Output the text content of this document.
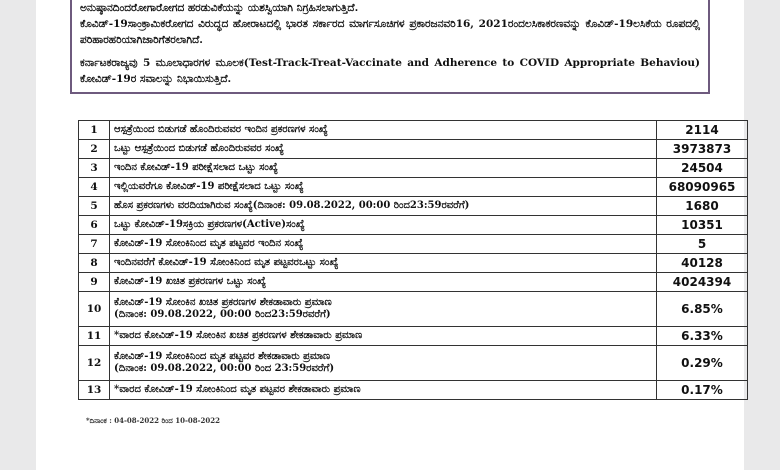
ಅನುಷ್ಠಾನದಿಂದರೋಗಾರೋಗದ ಹರಡುವಿಕೆಯನ್ನು ಯಶಸ್ವಿಯಾಗಿ ನಿಗ್ರಹಿಸಲಾಗುತ್ತಿದೆ.

ಕೊವಿಡ್-19ಸಾಂಕ್ರಾಮಿಕರೋಗದ ವಿರುದ್ಧದ ಹೋರಾಟದಲ್ಲಿ ಭಾರತ ಸರ್ಕಾರದ ಮಾರ್ಗಸೂಚಿಗಳ ಪ್ರಕಾರಜನವರಿ16, 2021ರಂದಲಸಿಕಾಕರಣವನ್ನು ಕೊವಿಡ್-19ಲಸಿಕೆಯ ರೂಪದಲ್ಲಿ ಪರಿಹಾರಹರಿಯಾಗಿಜಾರಿಗೆತರಲಾಗಿದೆ.

ಕರ್ನಾಟಕರಾಜ್ಯವು 5 ಮೂಲಾಧಾರಗಳ ಮೂಲಕ(Test-Track-Treat-Vaccinate and Adherence to COVID Appropriate Behaviou) ಕೋವಿಡ್-19ರ ಸವಾಲನ್ನು ನಿಭಾಯಿಸುತ್ತಿದೆ.

1	ಆಸ್ಪತ್ರೆಯಿಂದ ಬಿಡುಗಡೆ ಹೊಂದಿರುವವರ ಇಂದಿನ ಪ್ರಕರಣಗಳ ಸಂಖ್ಯೆ	2114
2	ಒಟ್ಟು ಆಸ್ಪತ್ರೆಯಿಂದ ಬಿಡುಗಡೆ ಹೊಂದಿರುವವರ ಸಂಖ್ಯೆ	3973873
3	ಇಂದಿನ ಕೋವಿಡ್-19 ಪರೀಕ್ಷೆಸಲಾದ ಒಟ್ಟು ಸಂಖ್ಯೆ	24504
4	ಇಲ್ಲಿಯವರೆಗೂ ಕೋವಿಡ್-19 ಪರೀಕ್ಷೆಸಲಾದ ಒಟ್ಟು ಸಂಖ್ಯೆ	68090965
5	ಹೊಸ ಪ್ರಕರಣಗಳು ವರದಿಯಾಗಿರುವ ಸಂಖ್ಯೆ(ದಿನಾಂಕ: 09.08.2022, 00:00 ರಿಂದ23:59ರವರೆಗೆ)	1680
6	ಒಟ್ಟು ಕೋವಿಡ್-19ಸಕ್ರಿಯ ಪ್ರಕರಣಗಳ(Active)ಸಂಖ್ಯೆ	10351
7	ಕೋವಿಡ್-19 ಸೋಂಕಿನಿಂದ ಮೃತ ಪಟ್ಟವರ ಇಂದಿನ ಸಂಖ್ಯೆ	5
8	ಇಂದಿನವರೆಗೆ ಕೋವಿಡ್-19 ಸೋಂಕಿನಿಂದ ಮೃತ ಪಟ್ಟವರಒಟ್ಟು ಸಂಖ್ಯೆ	40128
9	ಕೋವಿಡ್-19 ಖಚಿತ ಪ್ರಕರಣಗಳ ಒಟ್ಟು ಸಂಖ್ಯೆ	4024394
10	ಕೋವಿಡ್-19 ಸೋಂಕಿನ ಖಚಿತ ಪ್ರಕರಣಗಳ ಶೇಕಡಾವಾರು ಪ್ರಮಾಣ
(ದಿನಾಂಕ: 09.08.2022, 00:00 ರಿಂದ23:59ರವರೆಗೆ)	6.85%
11	*ವಾರದ ಕೋವಿಡ್-19 ಸೋಂಕಿನ ಖಚಿತ ಪ್ರಕರಣಗಳ ಶೇಕಡಾವಾರು ಪ್ರಮಾಣ	6.33%
12	ಕೋವಿಡ್-19 ಸೋಂಕಿನಿಂದ ಮೃತ ಪಟ್ಟವರ ಶೇಕಡಾವಾರು ಪ್ರಮಾಣ
(ದಿನಾಂಕ: 09.08.2022, 00:00 ರಿಂದ 23:59ರವರೆಗೆ)	0.29%
13	*ವಾರದ ಕೋವಿಡ್-19 ಸೋಂಕಿನಿಂದ ಮೃತ ಪಟ್ಟವರ ಶೇಕಡಾವಾರು ಪ್ರಮಾಣ	0.17%
*ದಿನಾಂಕ : 04-08-2022 ರಿಂದ 10-08-2022
